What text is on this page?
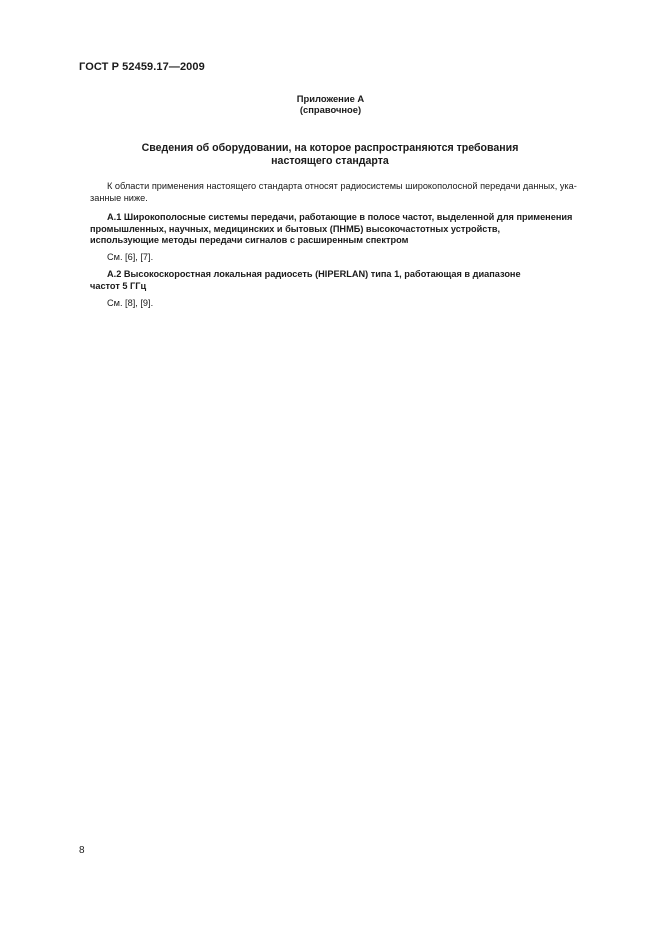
ГОСТ Р 52459.17—2009
Приложение А
(справочное)
Сведения об оборудовании, на которое распространяются требования
настоящего стандарта
К области применения настоящего стандарта относят радиосистемы широкополосной передачи данных, ука-
занные ниже.
А.1 Широкополосные системы передачи, работающие в полосе частот, выделенной для применения
промышленных, научных, медицинских и бытовых (ПНМБ) высокочастотных устройств,
использующие методы передачи сигналов с расширенным спектром
См. [6], [7].
А.2 Высокоскоростная локальная радиосеть (HIPERLAN) типа 1, работающая в диапазоне
частот 5 ГГц
См. [8], [9].
8
